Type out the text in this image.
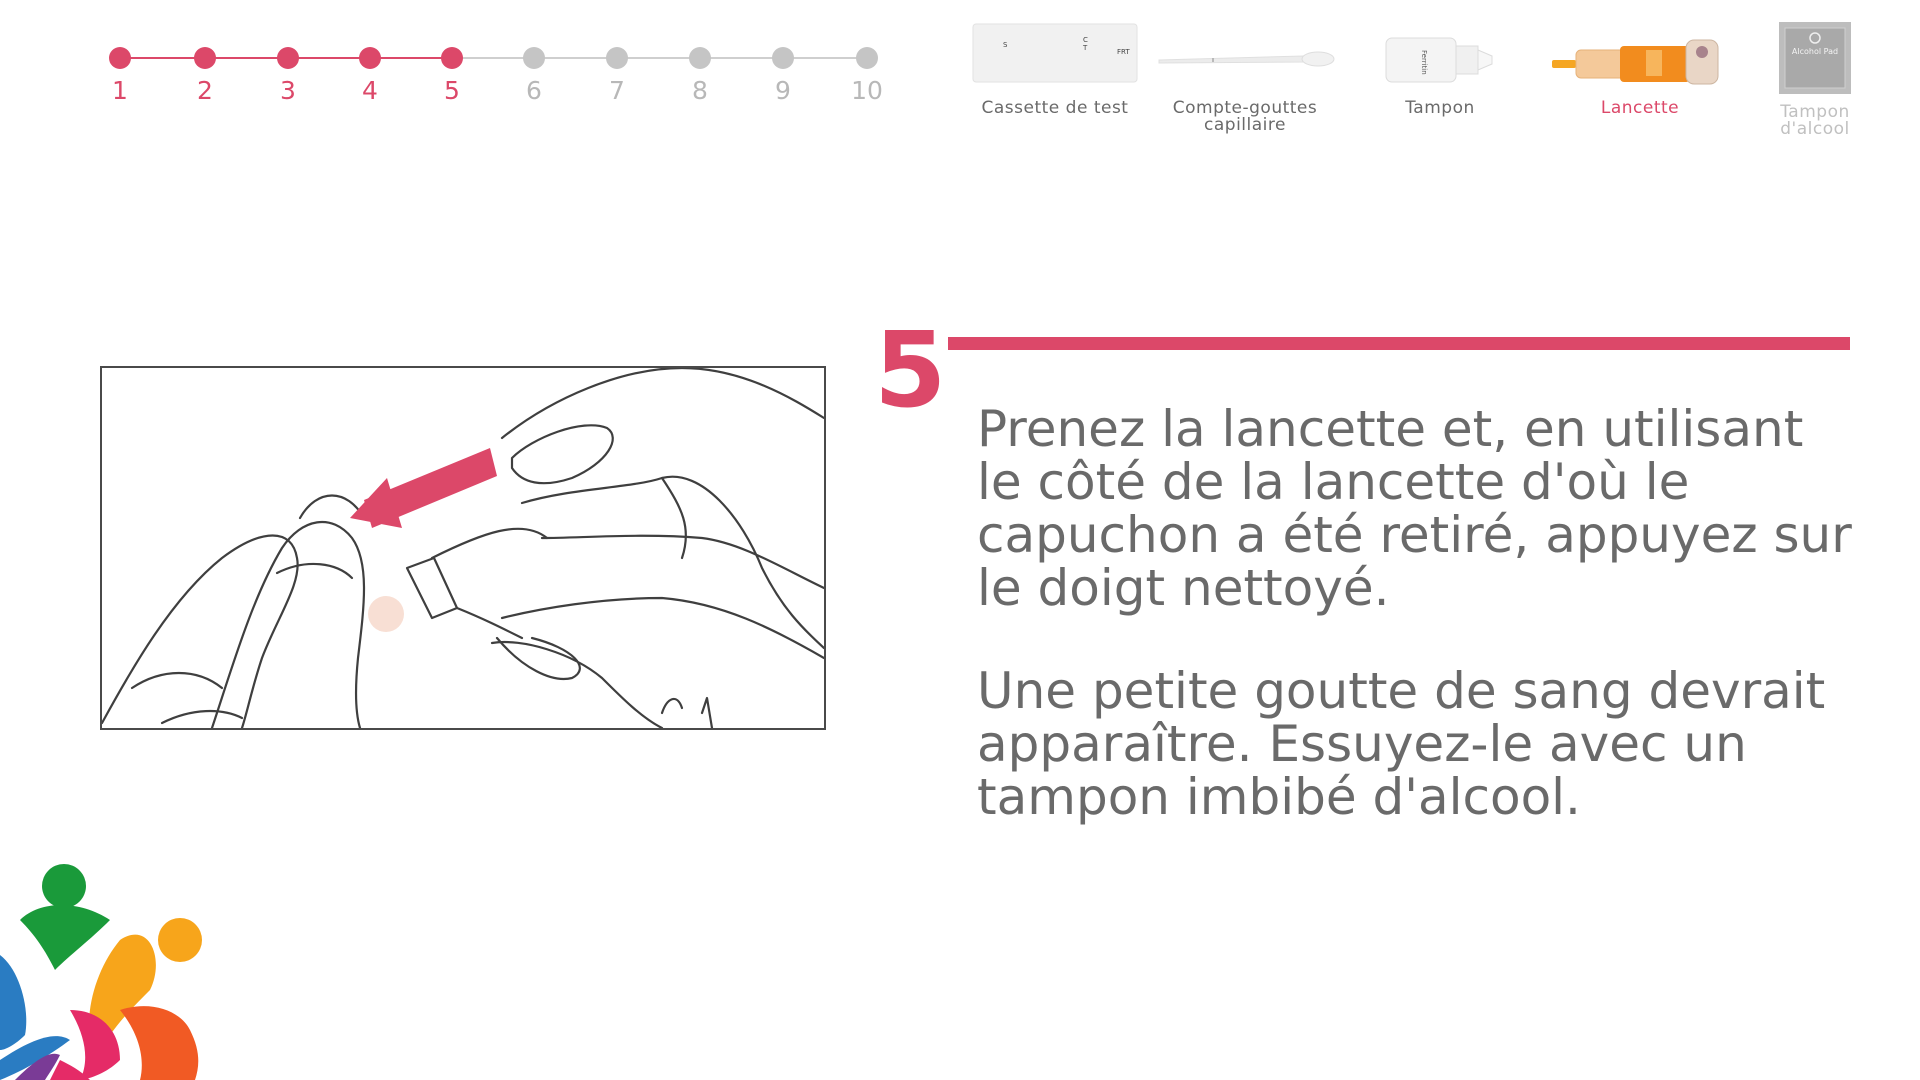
1	2	3	4	5	6	7	8	9	10
S
C
T	FRT
Cassette de test	Compte-gouttes capillaire
Ferritin
Tampon	Lancette
Alcohol Pad
Tampon d'alcool
5 Prenez la lancette et, en utilisant le côté de la lancette d'où le capuchon a été retiré, appuyez sur le doigt nettoyé.

Une petite goutte de sang devrait apparaître. Essuyez-le avec un tampon imbibé d'alcool.
